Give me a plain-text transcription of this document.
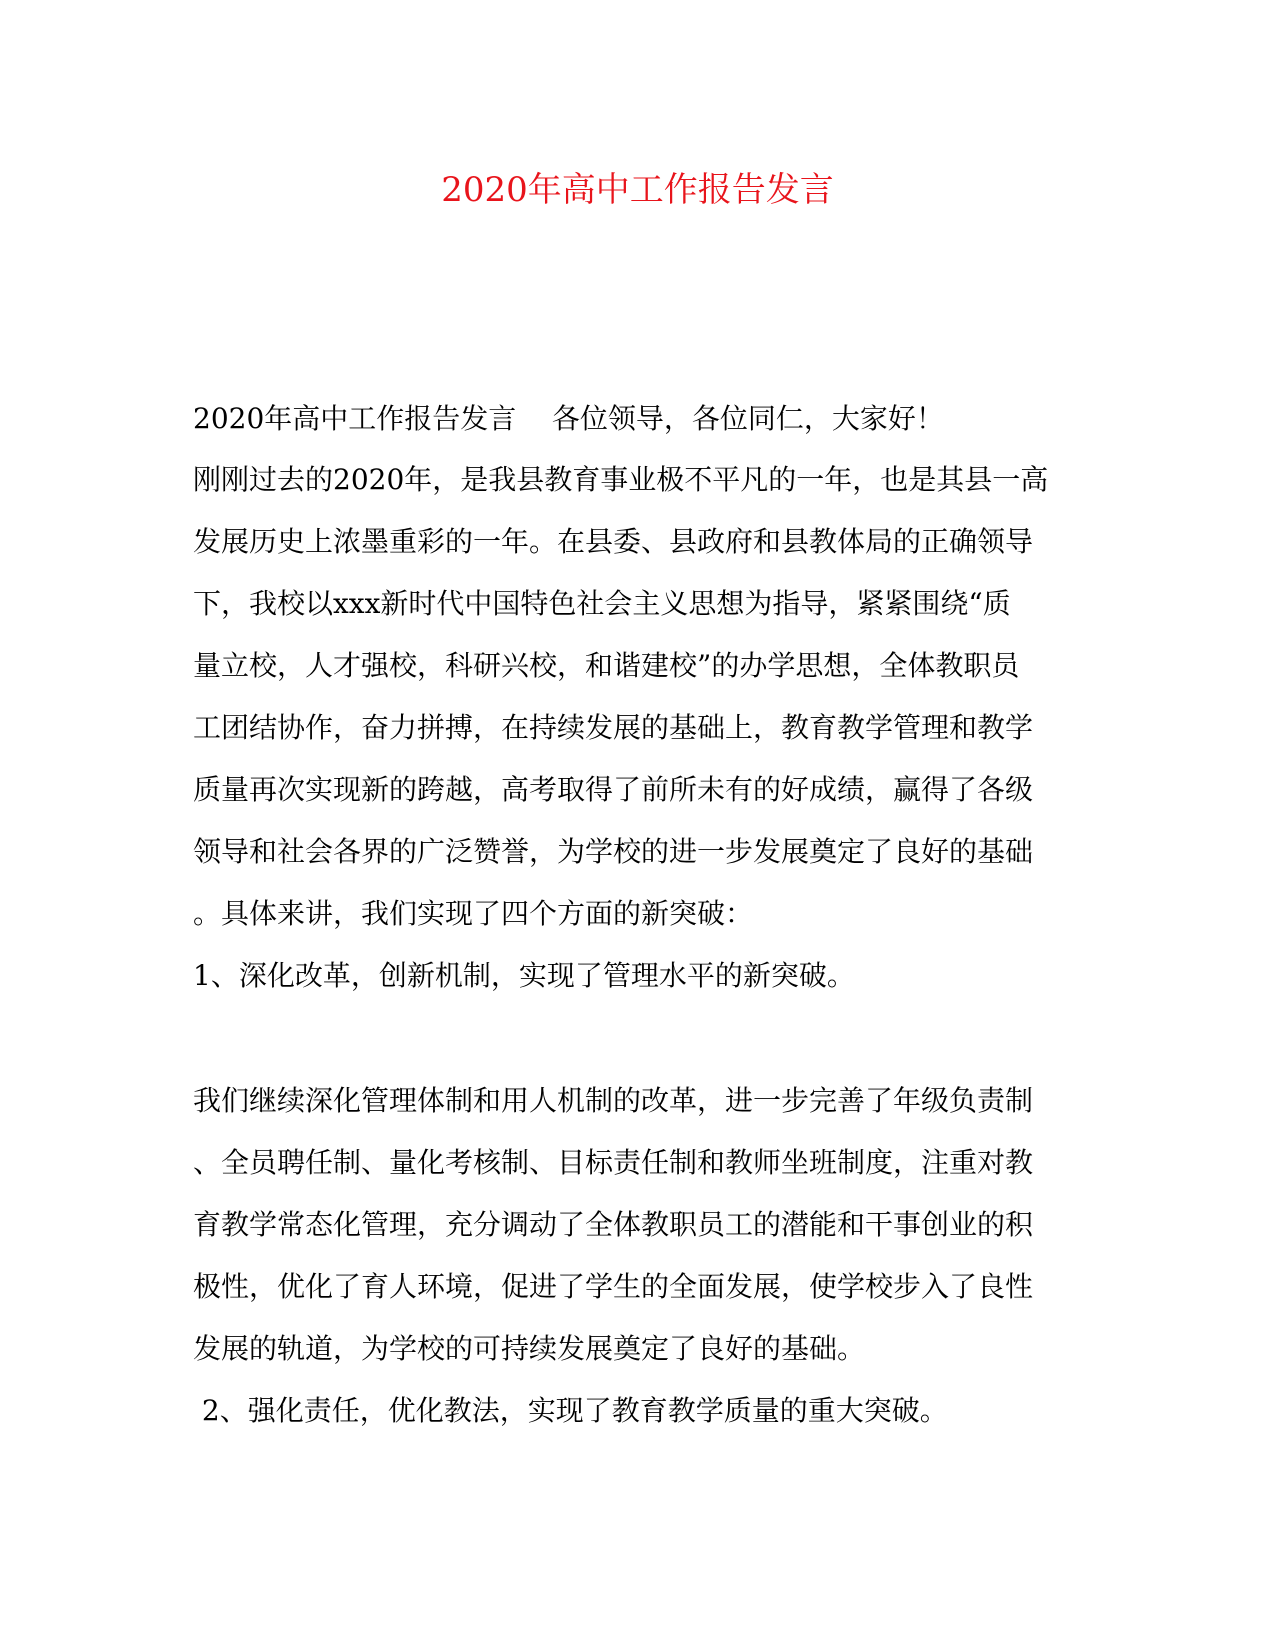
2020年高中工作报告发言
2020年高中工作报告发言    各位领导，各位同仁，大家好！
刚刚过去的2020年，是我县教育事业极不平凡的一年，也是其县一高
发展历史上浓墨重彩的一年。在县委、县政府和县教体局的正确领导
下，我校以xxx新时代中国特色社会主义思想为指导，紧紧围绕“质
量立校，人才强校，科研兴校，和谐建校”的办学思想，全体教职员
工团结协作，奋力拼搏，在持续发展的基础上，教育教学管理和教学
质量再次实现新的跨越，高考取得了前所未有的好成绩，赢得了各级
领导和社会各界的广泛赞誉，为学校的进一步发展奠定了良好的基础
。具体来讲，我们实现了四个方面的新突破：
1、深化改革，创新机制，实现了管理水平的新突破。
我们继续深化管理体制和用人机制的改革，进一步完善了年级负责制
、全员聘任制、量化考核制、目标责任制和教师坐班制度，注重对教
育教学常态化管理，充分调动了全体教职员工的潜能和干事创业的积
极性，优化了育人环境，促进了学生的全面发展，使学校步入了良性
发展的轨道，为学校的可持续发展奠定了良好的基础。
2、强化责任，优化教法，实现了教育教学质量的重大突破。
